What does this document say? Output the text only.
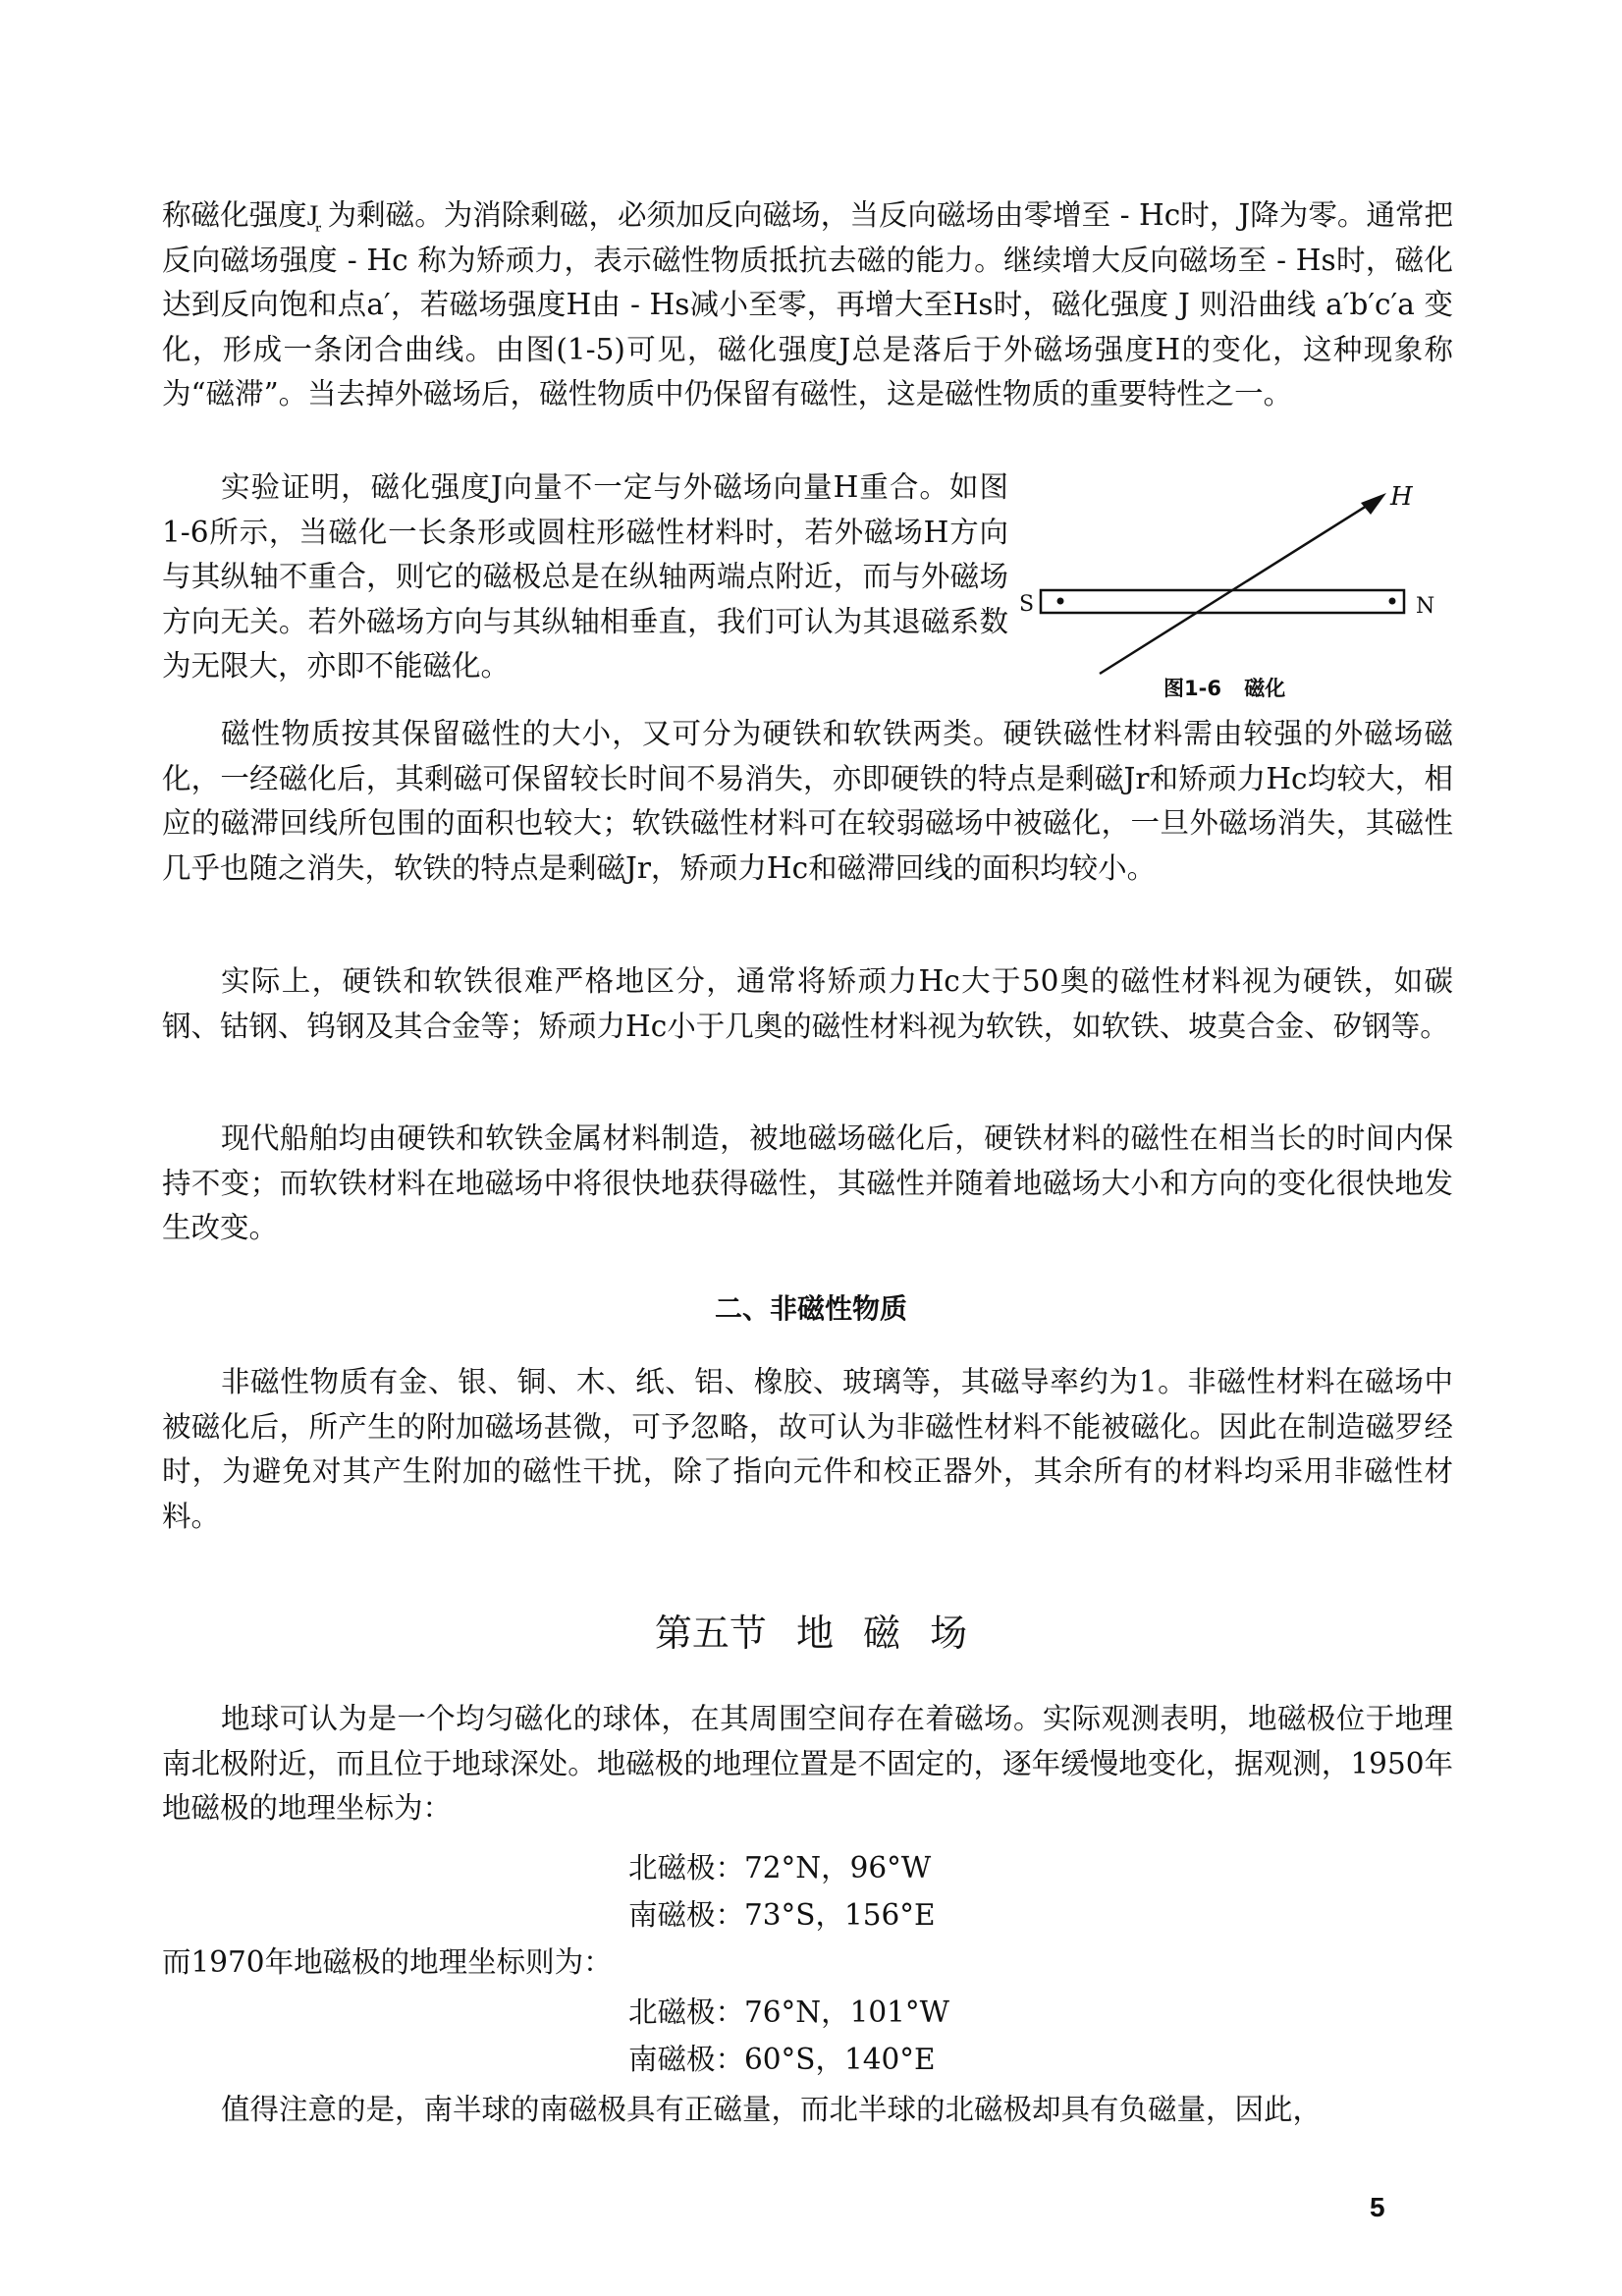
称磁化强度J᷊ 为剩磁。为消除剩磁，必须加反向磁场，当反向磁场由零增至 - Hc时，J降为零。通常把反向磁场强度 - Hc 称为矫顽力，表示磁性物质抵抗去磁的能力。继续增大反向磁场至 - Hs时，磁化达到反向饱和点a′，若磁场强度H由 - Hs减小至零，再增大至Hs时，磁化强度 J 则沿曲线 a′b′c′a 变化，形成一条闭合曲线。由图(1-5)可见，磁化强度J总是落后于外磁场强度H的变化，这种现象称为“磁滞”。当去掉外磁场后，磁性物质中仍保留有磁性，这是磁性物质的重要特性之一。

实验证明，磁化强度J向量不一定与外磁场向量H重合。如图1-6所示，当磁化一长条形或圆柱形磁性材料时，若外磁场H方向与其纵轴不重合，则它的磁极总是在纵轴两端点附近，而与外磁场方向无关。若外磁场方向与其纵轴相垂直，我们可认为其退磁系数为无限大，亦即不能磁化。

H
S	N
图1-6 磁化

磁性物质按其保留磁性的大小，又可分为硬铁和软铁两类。硬铁磁性材料需由较强的外磁场磁化，一经磁化后，其剩磁可保留较长时间不易消失，亦即硬铁的特点是剩磁Jr和矫顽力Hc均较大，相应的磁滞回线所包围的面积也较大；软铁磁性材料可在较弱磁场中被磁化，一旦外磁场消失，其磁性几乎也随之消失，软铁的特点是剩磁Jr，矫顽力Hc和磁滞回线的面积均较小。

实际上，硬铁和软铁很难严格地区分，通常将矫顽力Hc大于50奥的磁性材料视为硬铁，如碳钢、钴钢、钨钢及其合金等；矫顽力Hc小于几奥的磁性材料视为软铁，如软铁、坡莫合金、矽钢等。

现代船舶均由硬铁和软铁金属材料制造，被地磁场磁化后，硬铁材料的磁性在相当长的时间内保持不变；而软铁材料在地磁场中将很快地获得磁性，其磁性并随着地磁场大小和方向的变化很快地发生改变。

二、非磁性物质

非磁性物质有金、银、铜、木、纸、铝、橡胶、玻璃等，其磁导率约为1。非磁性材料在磁场中被磁化后，所产生的附加磁场甚微，可予忽略，故可认为非磁性材料不能被磁化。因此在制造磁罗经时，为避免对其产生附加的磁性干扰，除了指向元件和校正器外，其余所有的材料均采用非磁性材料。

第五节 地 磁 场

地球可认为是一个均匀磁化的球体，在其周围空间存在着磁场。实际观测表明，地磁极位于地理南北极附近，而且位于地球深处。地磁极的地理位置是不固定的，逐年缓慢地变化，据观测，1950年地磁极的地理坐标为：

北磁极：72°N，96°W
南磁极：73°S，156°E

而1970年地磁极的地理坐标则为：

北磁极：76°N，101°W
南磁极：60°S，140°E

值得注意的是，南半球的南磁极具有正磁量，而北半球的北磁极却具有负磁量，因此，

5
